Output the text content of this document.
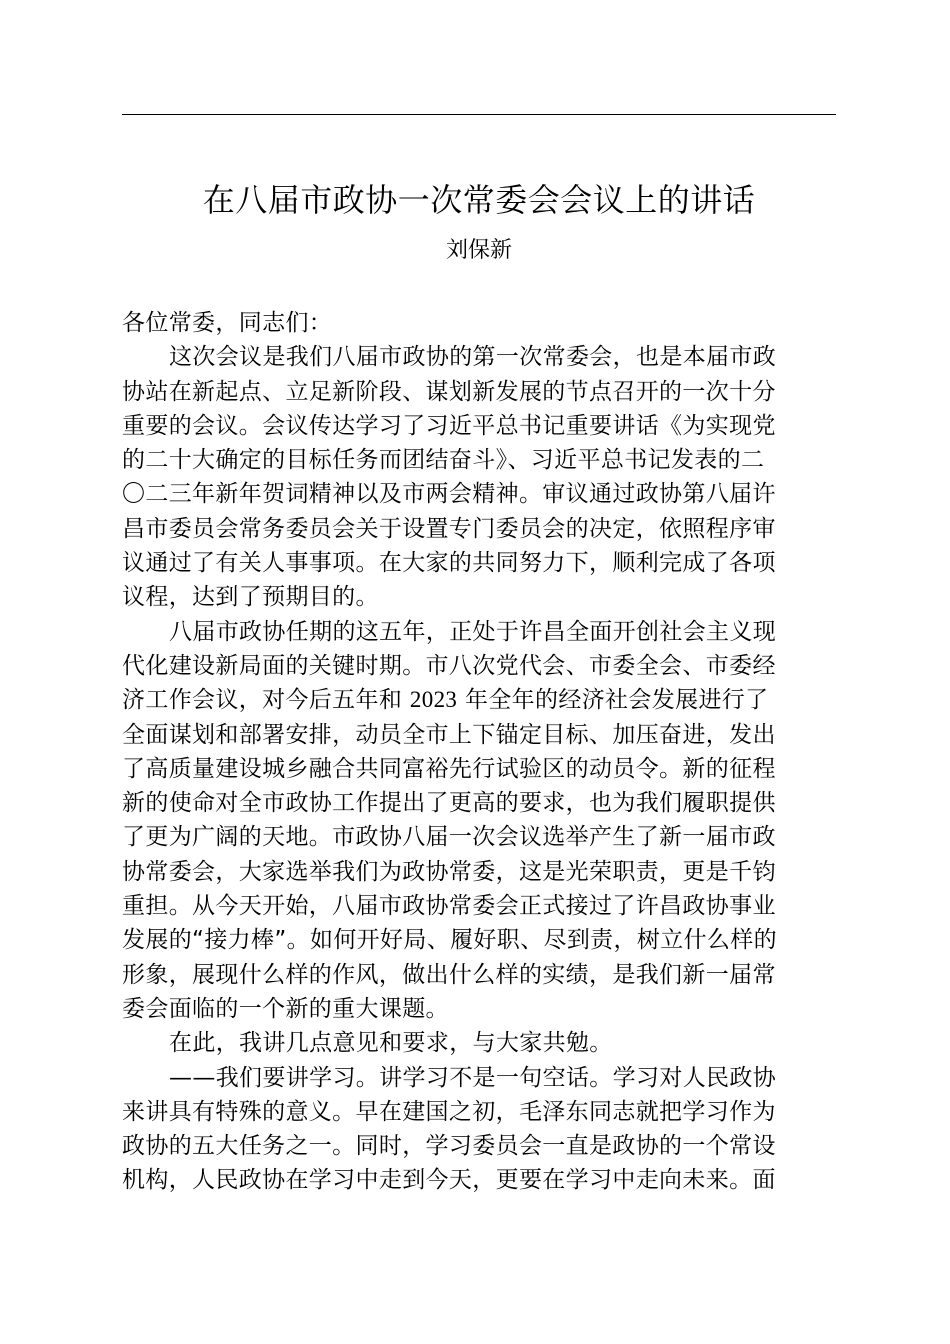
在八届市政协一次常委会会议上的讲话
刘保新
各位常委，同志们：
这次会议是我们八届市政协的第一次常委会，也是本届市政
协站在新起点、立足新阶段、谋划新发展的节点召开的一次十分
重要的会议。会议传达学习了习近平总书记重要讲话《为实现党
的二十大确定的目标任务而团结奋斗》、习近平总书记发表的二
〇二三年新年贺词精神以及市两会精神。审议通过政协第八届许
昌市委员会常务委员会关于设置专门委员会的决定，依照程序审
议通过了有关人事事项。在大家的共同努力下，顺利完成了各项
议程，达到了预期目的。
八届市政协任期的这五年，正处于许昌全面开创社会主义现
代化建设新局面的关键时期。市八次党代会、市委全会、市委经
济工作会议，对今后五年和 2023 年全年的经济社会发展进行了
全面谋划和部署安排，动员全市上下锚定目标、加压奋进，发出
了高质量建设城乡融合共同富裕先行试验区的动员令。新的征程
新的使命对全市政协工作提出了更高的要求，也为我们履职提供
了更为广阔的天地。市政协八届一次会议选举产生了新一届市政
协常委会，大家选举我们为政协常委，这是光荣职责，更是千钧
重担。从今天开始，八届市政协常委会正式接过了许昌政协事业
发展的“接力棒”。如何开好局、履好职、尽到责，树立什么样的
形象，展现什么样的作风，做出什么样的实绩，是我们新一届常
委会面临的一个新的重大课题。
在此，我讲几点意见和要求，与大家共勉。
——我们要讲学习。讲学习不是一句空话。学习对人民政协
来讲具有特殊的意义。早在建国之初，毛泽东同志就把学习作为
政协的五大任务之一。同时，学习委员会一直是政协的一个常设
机构，人民政协在学习中走到今天，更要在学习中走向未来。面
